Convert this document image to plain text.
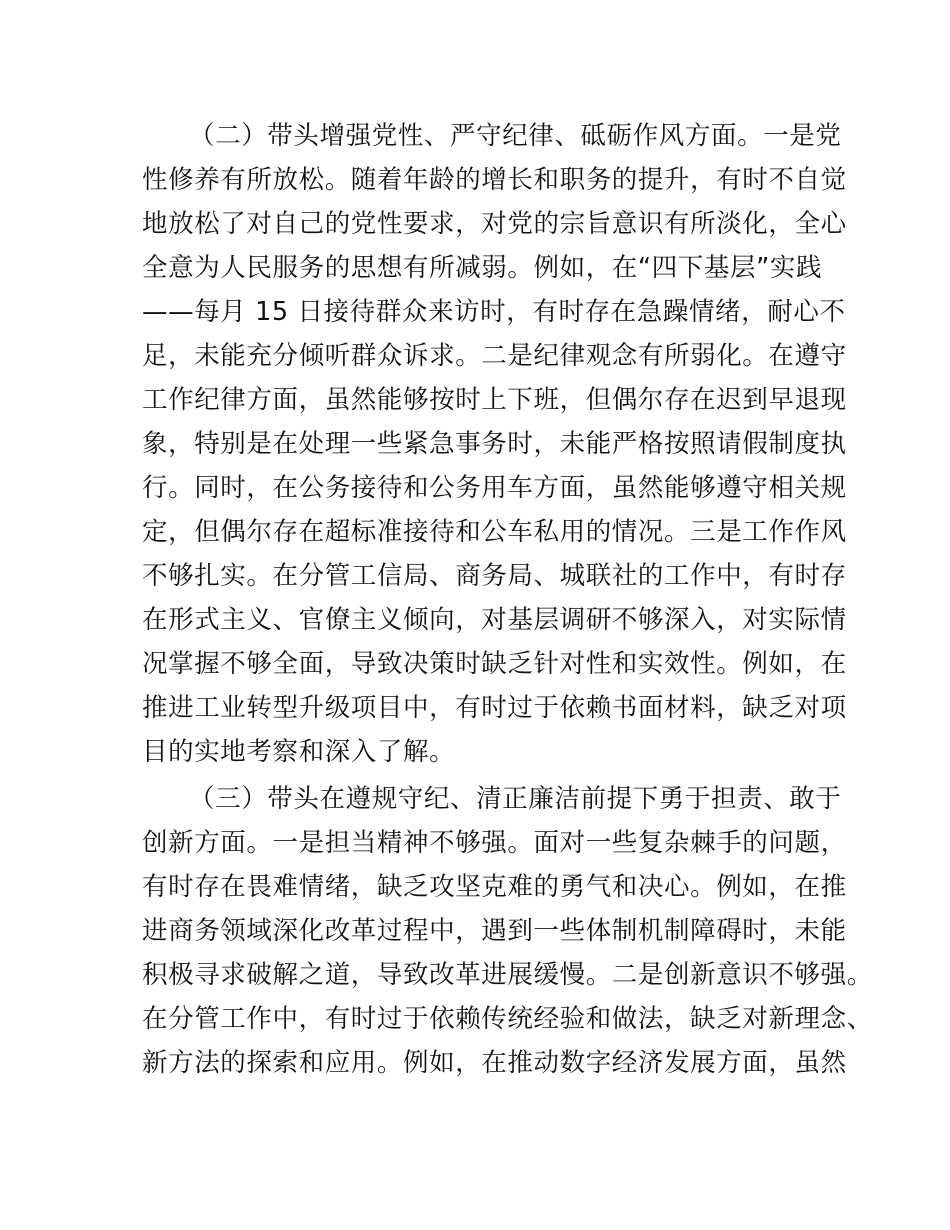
（二）带头增强党性、严守纪律、砥砺作风方面。一是党
性修养有所放松。随着年龄的增长和职务的提升，有时不自觉
地放松了对自己的党性要求，对党的宗旨意识有所淡化，全心
全意为人民服务的思想有所减弱。例如，在“四下基层”实践
——每月 15 日接待群众来访时，有时存在急躁情绪，耐心不
足，未能充分倾听群众诉求。二是纪律观念有所弱化。在遵守
工作纪律方面，虽然能够按时上下班，但偶尔存在迟到早退现
象，特别是在处理一些紧急事务时，未能严格按照请假制度执
行。同时，在公务接待和公务用车方面，虽然能够遵守相关规
定，但偶尔存在超标准接待和公车私用的情况。三是工作作风
不够扎实。在分管工信局、商务局、城联社的工作中，有时存
在形式主义、官僚主义倾向，对基层调研不够深入，对实际情
况掌握不够全面，导致决策时缺乏针对性和实效性。例如，在
推进工业转型升级项目中，有时过于依赖书面材料，缺乏对项
目的实地考察和深入了解。
（三）带头在遵规守纪、清正廉洁前提下勇于担责、敢于
创新方面。一是担当精神不够强。面对一些复杂棘手的问题，
有时存在畏难情绪，缺乏攻坚克难的勇气和决心。例如，在推
进商务领域深化改革过程中，遇到一些体制机制障碍时，未能
积极寻求破解之道，导致改革进展缓慢。二是创新意识不够强。
在分管工作中，有时过于依赖传统经验和做法，缺乏对新理念、
新方法的探索和应用。例如，在推动数字经济发展方面，虽然
